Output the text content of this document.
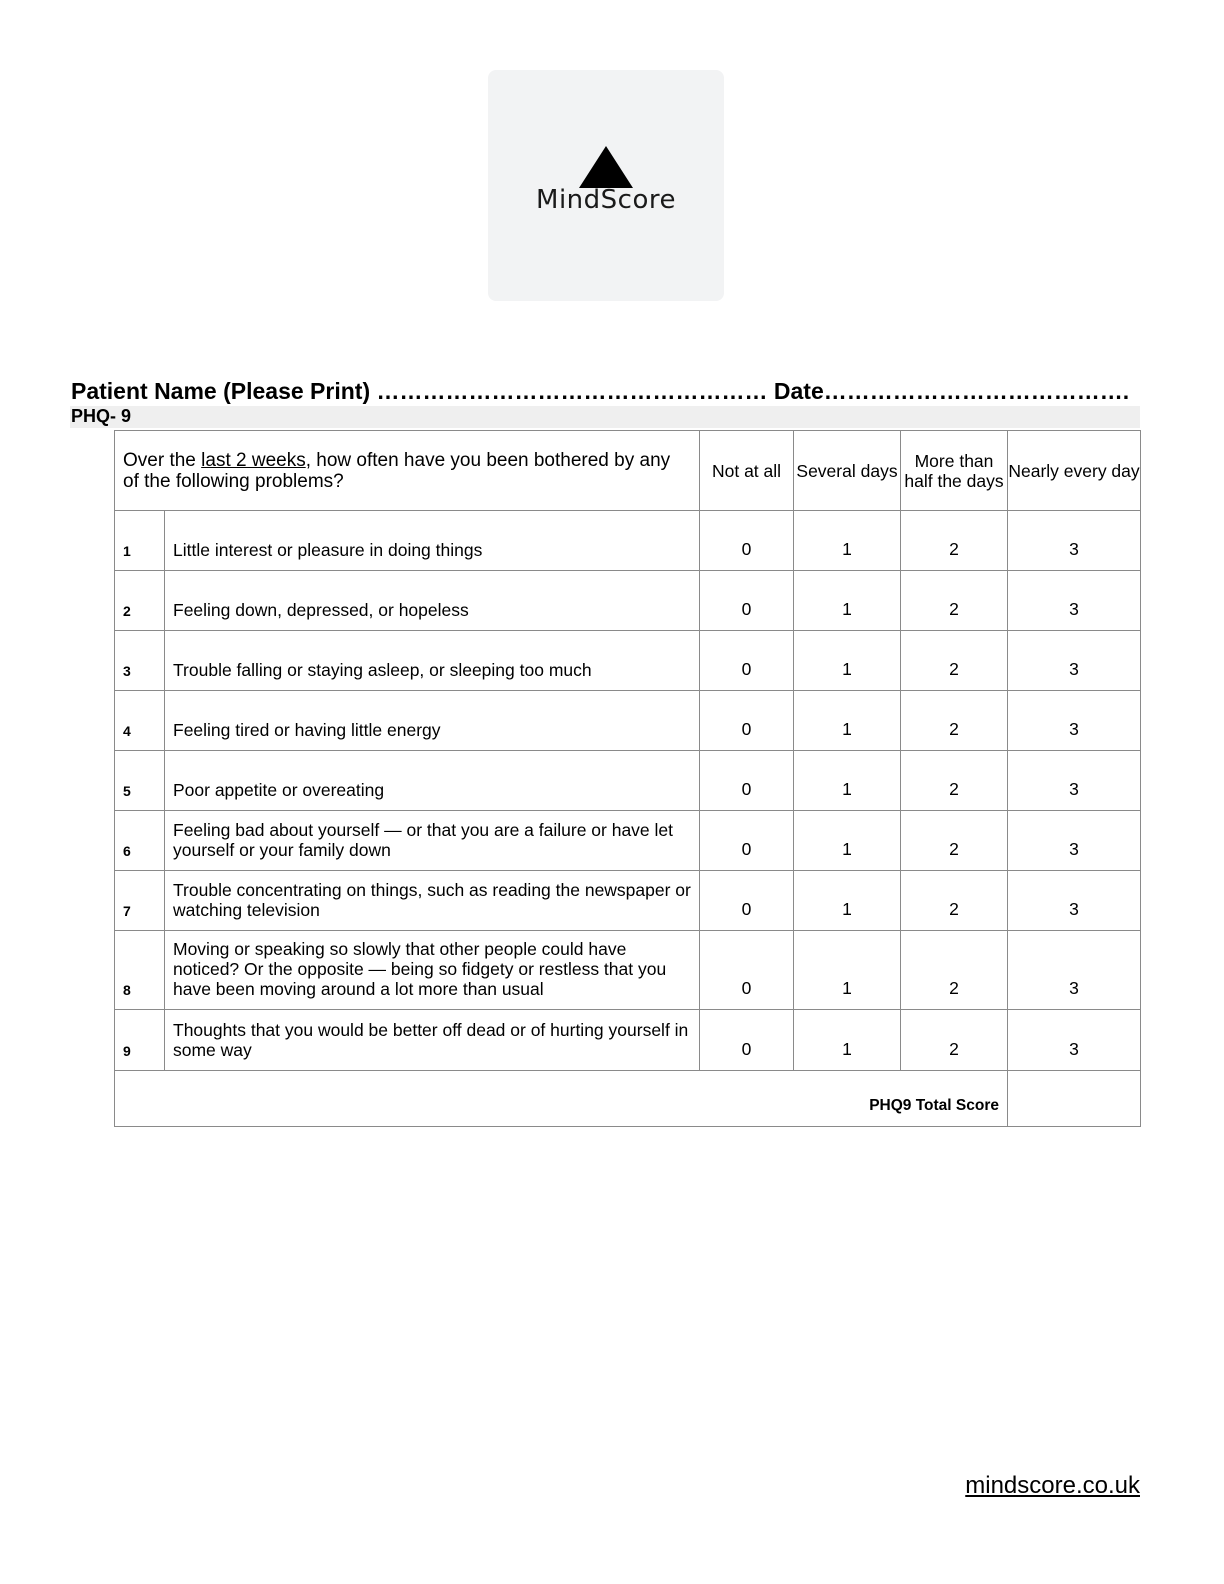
MindScore
Patient Name (Please Print) …………………………………………… Date………………………………….
PHQ- 9
Over the last 2 weeks, how often have you been bothered by any of the following problems?		Not at all	Several days	More than half the days	Nearly every day
1	Little interest or pleasure in doing things	0	1	2	3
2	Feeling down, depressed, or hopeless	0	1	2	3
3	Trouble falling or staying asleep, or sleeping too much	0	1	2	3
4	Feeling tired or having little energy	0	1	2	3
5	Poor appetite or overeating	0	1	2	3
6	Feeling bad about yourself — or that you are a failure or have let yourself or your family down	0	1	2	3
7	Trouble concentrating on things, such as reading the newspaper or watching television	0	1	2	3
8	Moving or speaking so slowly that other people could have noticed? Or the opposite — being so fidgety or restless that you have been moving around a lot more than usual	0	1	2	3
9	Thoughts that you would be better off dead or of hurting yourself in some way	0	1	2	3
PHQ9 Total Score					
mindscore.co.uk
